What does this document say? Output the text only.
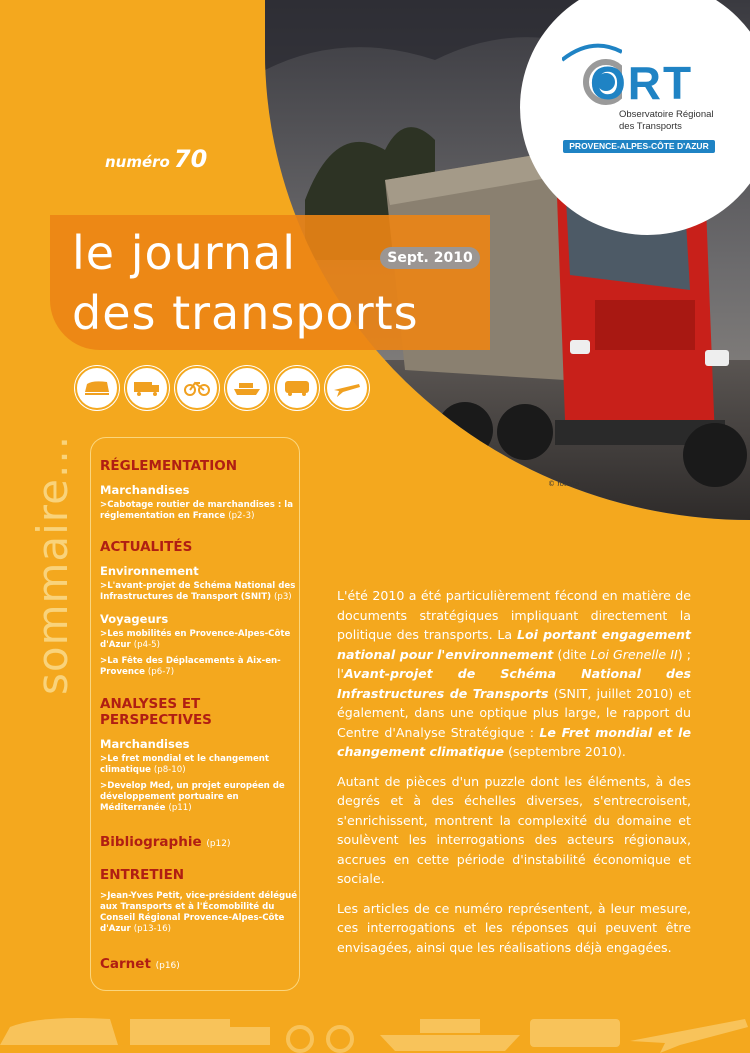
© fotolia
ORT
Observatoire Régional des Transports
PROVENCE-ALPES-CÔTE D'AZUR
numéro 70
le journal
des transports
Sept. 2010
sommaire... RÉGLEMENTATION
Marchandises
>Cabotage routier de marchandises : la réglementation en France (p2-3)
ACTUALITÉS
Environnement
>L'avant-projet de Schéma National des Infrastructures de Transport (SNIT) (p3)
Voyageurs
>Les mobilités en Provence-Alpes-Côte d'Azur (p4-5)
>La Fête des Déplacements à Aix-en-Provence (p6-7)
ANALYSES ET
PERSPECTIVES
Marchandises
>Le fret mondial et le changement climatique (p8-10)
>Develop Med, un projet européen de développement portuaire en Méditerranée (p11)
Bibliographie (p12)
ENTRETIEN
>Jean-Yves Petit, vice-président délégué aux Transports et à l'Écomobilité du Conseil Régional Provence-Alpes-Côte d'Azur (p13-16)
Carnet (p16)

L'été 2010 a été particulièrement fécond en matière de documents stratégiques impliquant directement la politique des transports. La Loi portant engagement national pour l'environnement (dite Loi Grenelle II) ; l'Avant-projet de Schéma National des Infrastructures de Transports (SNIT, juillet 2010) et également, dans une optique plus large, le rapport du Centre d'Analyse Stratégique : Le Fret mondial et le changement climatique (septembre 2010).

Autant de pièces d'un puzzle dont les éléments, à des degrés et à des échelles diverses, s'entrecroisent, s'enrichissent, montrent la complexité du domaine et soulèvent les interrogations des acteurs régionaux, accrues en cette période d'instabilité économique et sociale.

Les articles de ce numéro représentent, à leur mesure, ces interrogations et les réponses qui peuvent être envisagées, ainsi que les réalisations déjà engagées.
